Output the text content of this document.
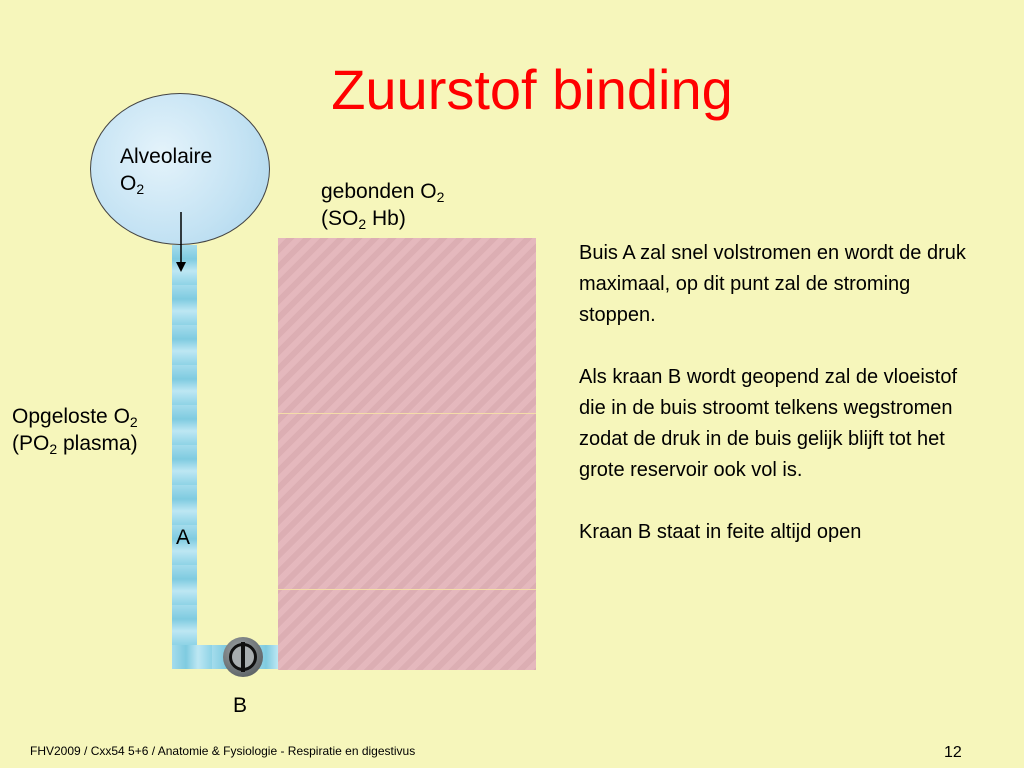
Zuurstof binding
Alveolaire
$O_2$	gebonden $O_2$
($SO_2$ Hb)
Opgeloste $O_2$
($PO_2$ plasma)
A
B

Buis A zal snel volstromen en wordt de druk maximaal, op dit punt zal de stroming stoppen.

Als kraan B wordt geopend zal de vloeistof die in de buis stroomt telkens wegstromen zodat de druk in de buis gelijk blijft tot het grote reservoir ook vol is.

Kraan B staat in feite altijd open

FHV2009 / Cxx54 5+6 / Anatomie & Fysiologie - Respiratie en digestivus	12
